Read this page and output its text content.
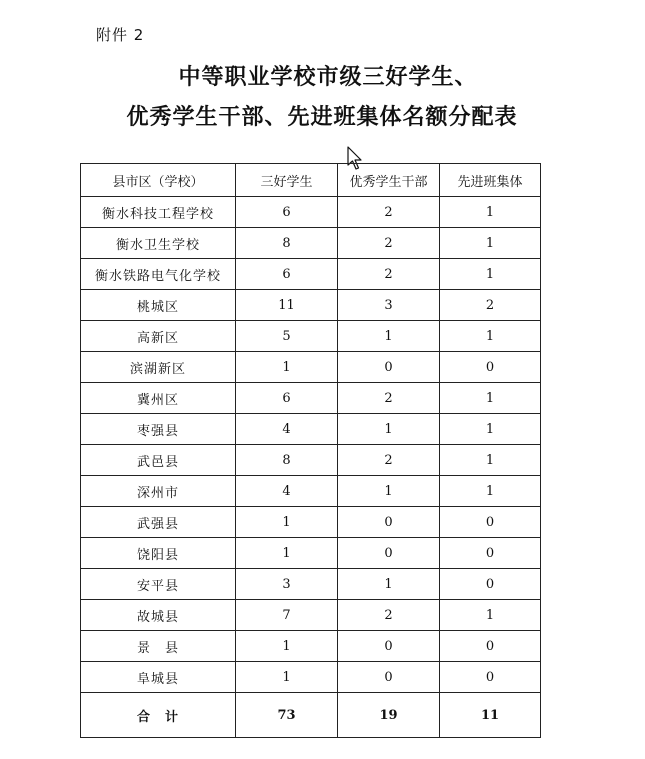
附件 2
中等职业学校市级三好学生、
优秀学生干部、先进班集体名额分配表
县市区（学校）	三好学生	优秀学生干部	先进班集体
衡水科技工程学校	6	2	1
衡水卫生学校	8	2	1
衡水铁路电气化学校	6	2	1
桃城区	11	3	2
高新区	5	1	1
滨湖新区	1	0	0
冀州区	6	2	1
枣强县	4	1	1
武邑县	8	2	1
深州市	4	1	1
武强县	1	0	0
饶阳县	1	0	0
安平县	3	1	0
故城县	7	2	1
景　县	1	0	0
阜城县	1	0	0
合　计	73	19	11
